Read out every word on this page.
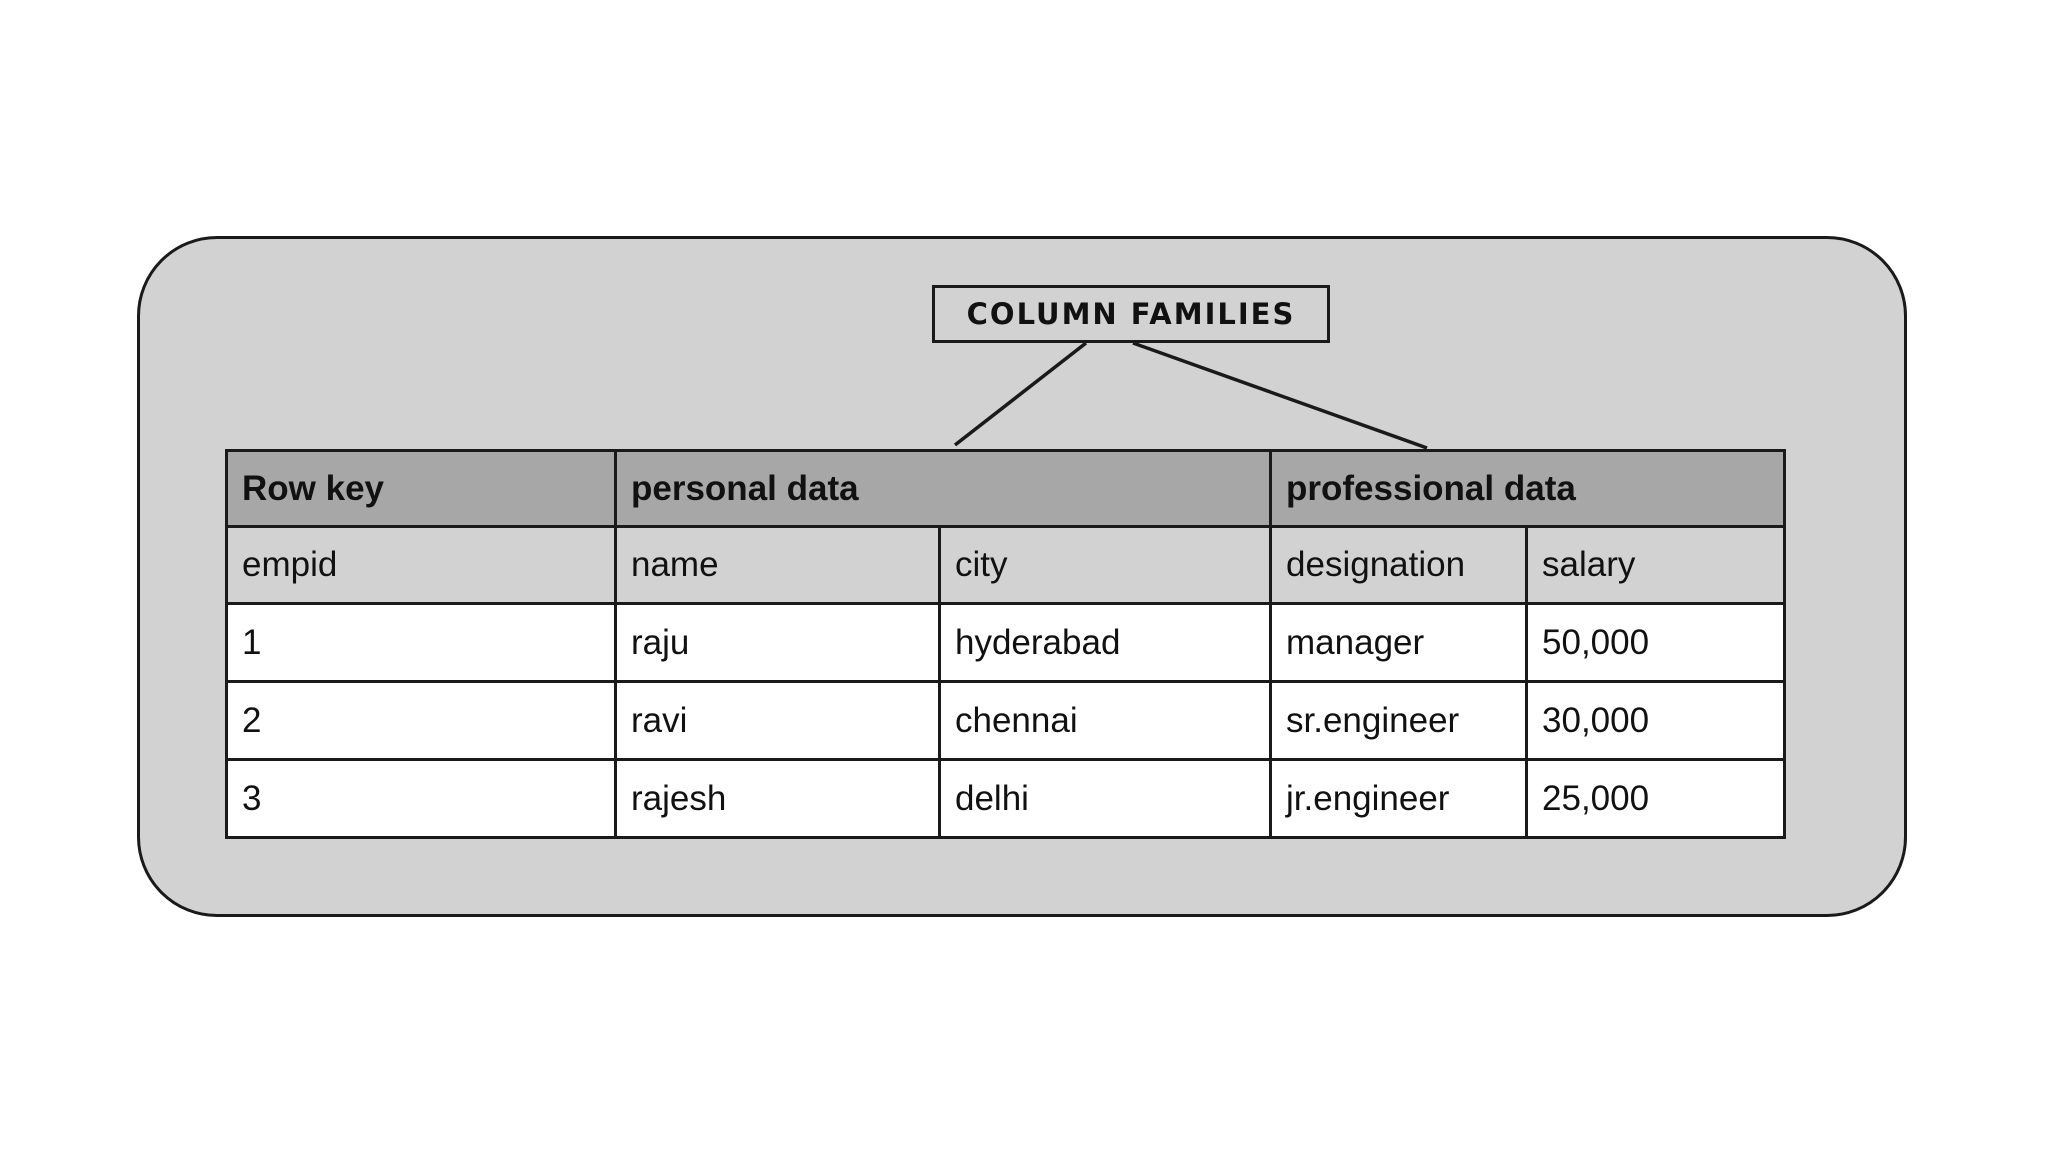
COLUMN FAMILIES
Row key	personal data		professional data	
empid	name	city	designation	salary
1	raju	hyderabad	manager	50,000
2	ravi	chennai	sr.engineer	30,000
3	rajesh	delhi	jr.engineer	25,000
